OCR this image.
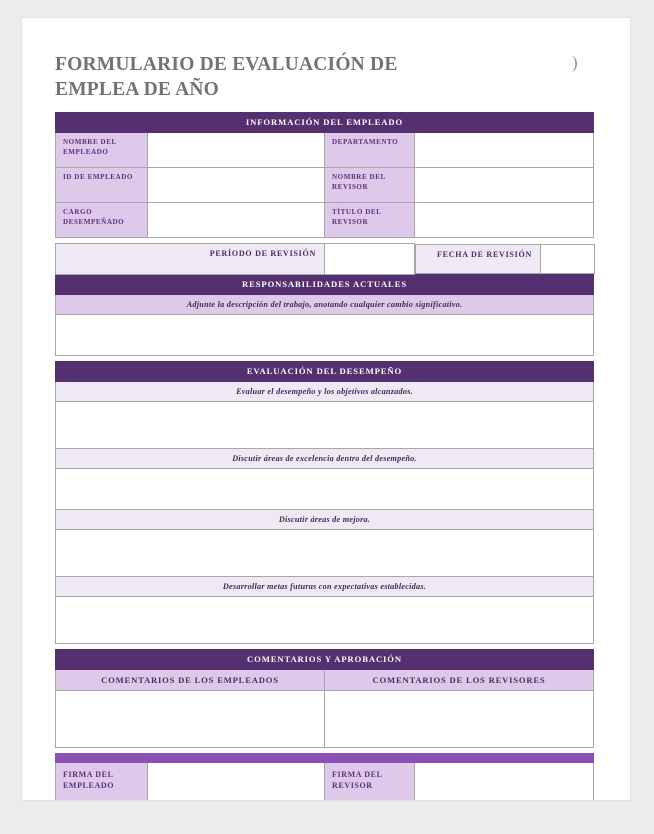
FORMULARIO DE EVALUACIÓN DE EMPLEA DE AÑO
)
INFORMACIÓN DEL EMPLEADO
NOMBRE DEL EMPLEADO		DEPARTAMENTO	
ID DE EMPLEADO		NOMBRE DEL REVISOR	
CARGO DESEMPEÑADO		TÍTULO DEL REVISOR	

PERÍODO DE REVISIÓN			FECHA DE REVISIÓN	

RESPONSABILIDADES ACTUALES
Adjunte la descripción del trabajo, anotando cualquier cambio significativo.

EVALUACIÓN DEL DESEMPEÑO
Evaluar el desempeño y los objetivos alcanzados.

Discutir áreas de excelencia dentro del desempeño.

Discutir áreas de mejora.

Desarrollar metas futuras con expectativas establecidas.

COMENTARIOS Y APROBACIÓN
COMENTARIOS DE LOS EMPLEADOS	COMENTARIOS DE LOS REVISORES

FIRMA DEL EMPLEADO		FIRMA DEL REVISOR	
